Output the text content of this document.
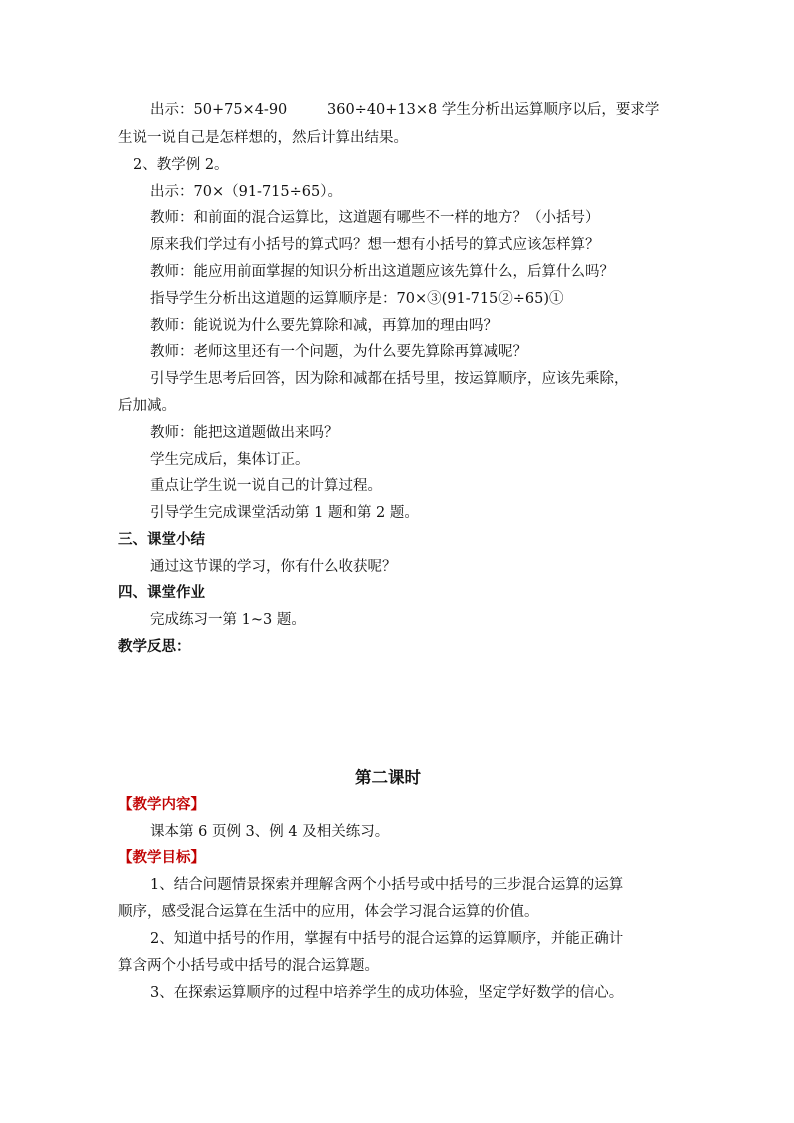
出示：50+75×4-90	360÷40+13×8 学生分析出运算顺序以后，要求学
生说一说自己是怎样想的，然后计算出结果。
2、教学例 2。
出示：70×（91-715÷65）。
教师：和前面的混合运算比，这道题有哪些不一样的地方？（小括号）
原来我们学过有小括号的算式吗？想一想有小括号的算式应该怎样算？
教师：能应用前面掌握的知识分析出这道题应该先算什么，后算什么吗？
指导学生分析出这道题的运算顺序是：70×③(91-715②÷65)①
教师：能说说为什么要先算除和减，再算加的理由吗？
教师：老师这里还有一个问题，为什么要先算除再算减呢？
引导学生思考后回答，因为除和减都在括号里，按运算顺序，应该先乘除，
后加减。
教师：能把这道题做出来吗？
学生完成后，集体订正。
重点让学生说一说自己的计算过程。
引导学生完成课堂活动第 1 题和第 2 题。
三、课堂小结
通过这节课的学习，你有什么收获呢？
四、课堂作业
完成练习一第 1~3 题。
教学反思：
第二课时
【教学内容】
课本第 6 页例 3、例 4 及相关练习。
【教学目标】
1、结合问题情景探索并理解含两个小括号或中括号的三步混合运算的运算
顺序，感受混合运算在生活中的应用，体会学习混合运算的价值。
2、知道中括号的作用，掌握有中括号的混合运算的运算顺序，并能正确计
算含两个小括号或中括号的混合运算题。
3、在探索运算顺序的过程中培养学生的成功体验，坚定学好数学的信心。
